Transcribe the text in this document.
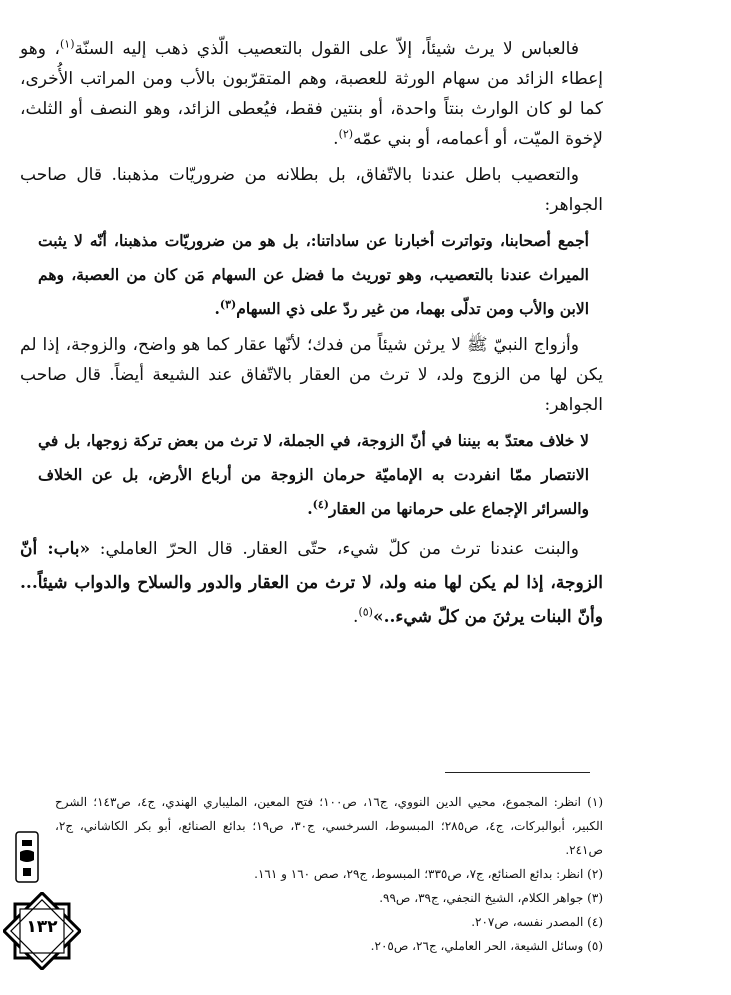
فالعباس لا يرث شيئاً، إلاّ على القول بالتعصيب الّذي ذهب إليه السنّة$^{(١)}$، وهو إعطاء الزائد من سهام الورثة للعصبة، وهم المتقرّبون بالأب ومن المراتب الأُخرى، كما لو كان الوارث بنتاً واحدة، أو بنتين فقط، فيُعطى الزائد، وهو النصف أو الثلث، لإخوة الميّت، أو أعمامه، أو بني عمّه$^{(٢)}$.

والتعصيب باطل عندنا بالاتّفاق، بل بطلانه من ضروريّات مذهبنا. قال صاحب الجواهر:

أجمع أصحابنا، وتواترت أخبارنا عن ساداتنا:، بل هو من ضروريّات مذهبنا، أنّه لا يثبت الميراث عندنا بالتعصيب، وهو توريث ما فضل عن السهام مَن كان من العصبة، وهم الابن والأب ومن تدلّى بهما، من غير ردّ على ذي السهام$^{(٣)}$.

وأزواج النبيّ ﷺ لا يرثن شيئاً من فدك؛ لأنّها عقار كما هو واضح، والزوجة، إذا لم يكن لها من الزوج ولد، لا ترث من العقار بالاتّفاق عند الشيعة أيضاً. قال صاحب الجواهر:

لا خلاف معتدّ به بيننا في أنّ الزوجة، في الجملة، لا ترث من بعض تركة زوجها، بل في الانتصار ممّا انفردت به الإماميّة حرمان الزوجة من أرباع الأرض، بل عن الخلاف والسرائر الإجماع على حرمانها من العقار$^{(٤)}$.

والبنت عندنا ترث من كلّ شيء، حتّى العقار. قال الحرّ العاملي: «باب: أنّ الزوجة، إذا لم يكن لها منه ولد، لا ترث من العقار والدور والسلاح والدواب شيئاً... وأنّ البنات يرثنَ من كلّ شيء..»$^{(٥)}$.

(١) انظر: المجموع، محيي الدين النووي، ج١٦، ص١٠٠؛ فتح المعين، المليباري الهندي، ج٤، ص١٤٣؛ الشرح الكبير، أبوالبركات، ج٤، ص٢٨٥؛ المبسوط، السرخسي، ج٣٠، ص١٩؛ بدائع الصنائع، أبو بكر الكاشاني، ج٢، ص٢٤١.

(٢) انظر: بدائع الصنائع، ج٧، ص٣٣٥؛ المبسوط، ج٢٩، صص ١٦٠ و ١٦١.

(٣) جواهر الكلام، الشيخ النجفي، ج٣٩، ص٩٩.

(٤) المصدر نفسه، ص٢٠٧.

(٥) وسائل الشيعة، الحر العاملي، ج٢٦، ص٢٠٥.

١٣٢
